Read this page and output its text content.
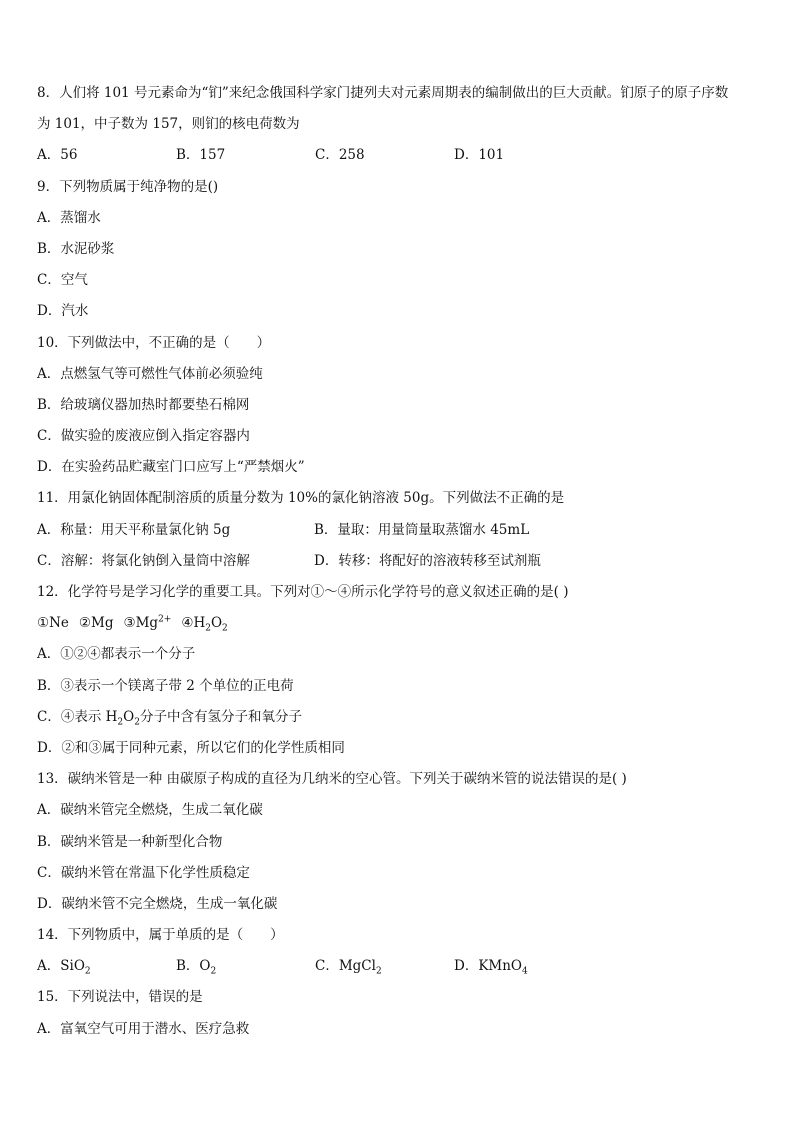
8．人们将 101 号元素命为“钔”来纪念俄国科学家门捷列夫对元素周期表的编制做出的巨大贡献。钔原子的原子序数
为 101，中子数为 157，则钔的核电荷数为
A．56	B．157	C．258	D．101
9．下列物质属于纯净物的是()
A．蒸馏水
B．水泥砂浆
C．空气
D．汽水
10．下列做法中，不正确的是（　　）
A．点燃氢气等可燃性气体前必须验纯
B．给玻璃仪器加热时都要垫石棉网
C．做实验的废液应倒入指定容器内
D．在实验药品贮藏室门口应写上“严禁烟火”
11．用氯化钠固体配制溶质的质量分数为 10%的氯化钠溶液 50g。下列做法不正确的是
A．称量：用天平称量氯化钠 5g	B．量取：用量筒量取蒸馏水 45mL
C．溶解：将氯化钠倒入量筒中溶解	D．转移：将配好的溶液转移至试剂瓶
12．化学符号是学习化学的重要工具。下列对①～④所示化学符号的意义叙述正确的是( )
①Ne ②Mg $③Mg^{2+}$ $④H_2O_2$
A．①②④都表示一个分子
B．③表示一个镁离子带 2 个单位的正电荷
C．④表示 $H_2O_2$分子中含有氢分子和氧分子
D．②和③属于同种元素，所以它们的化学性质相同
13．碳纳米管是一种 由碳原子构成的直径为几纳米的空心管。下列关于碳纳米管的说法错误的是( )
A．碳纳米管完全燃烧，生成二氧化碳
B．碳纳米管是一种新型化合物
C．碳纳米管在常温下化学性质稳定
D．碳纳米管不完全燃烧，生成一氧化碳
14．下列物质中，属于单质的是（　　）
A．SiO$_2$	B．$O_2$	C．MgCl$_2$	D．KMnO$_4$
15．下列说法中，错误的是
A．富氧空气可用于潜水、医疗急救
